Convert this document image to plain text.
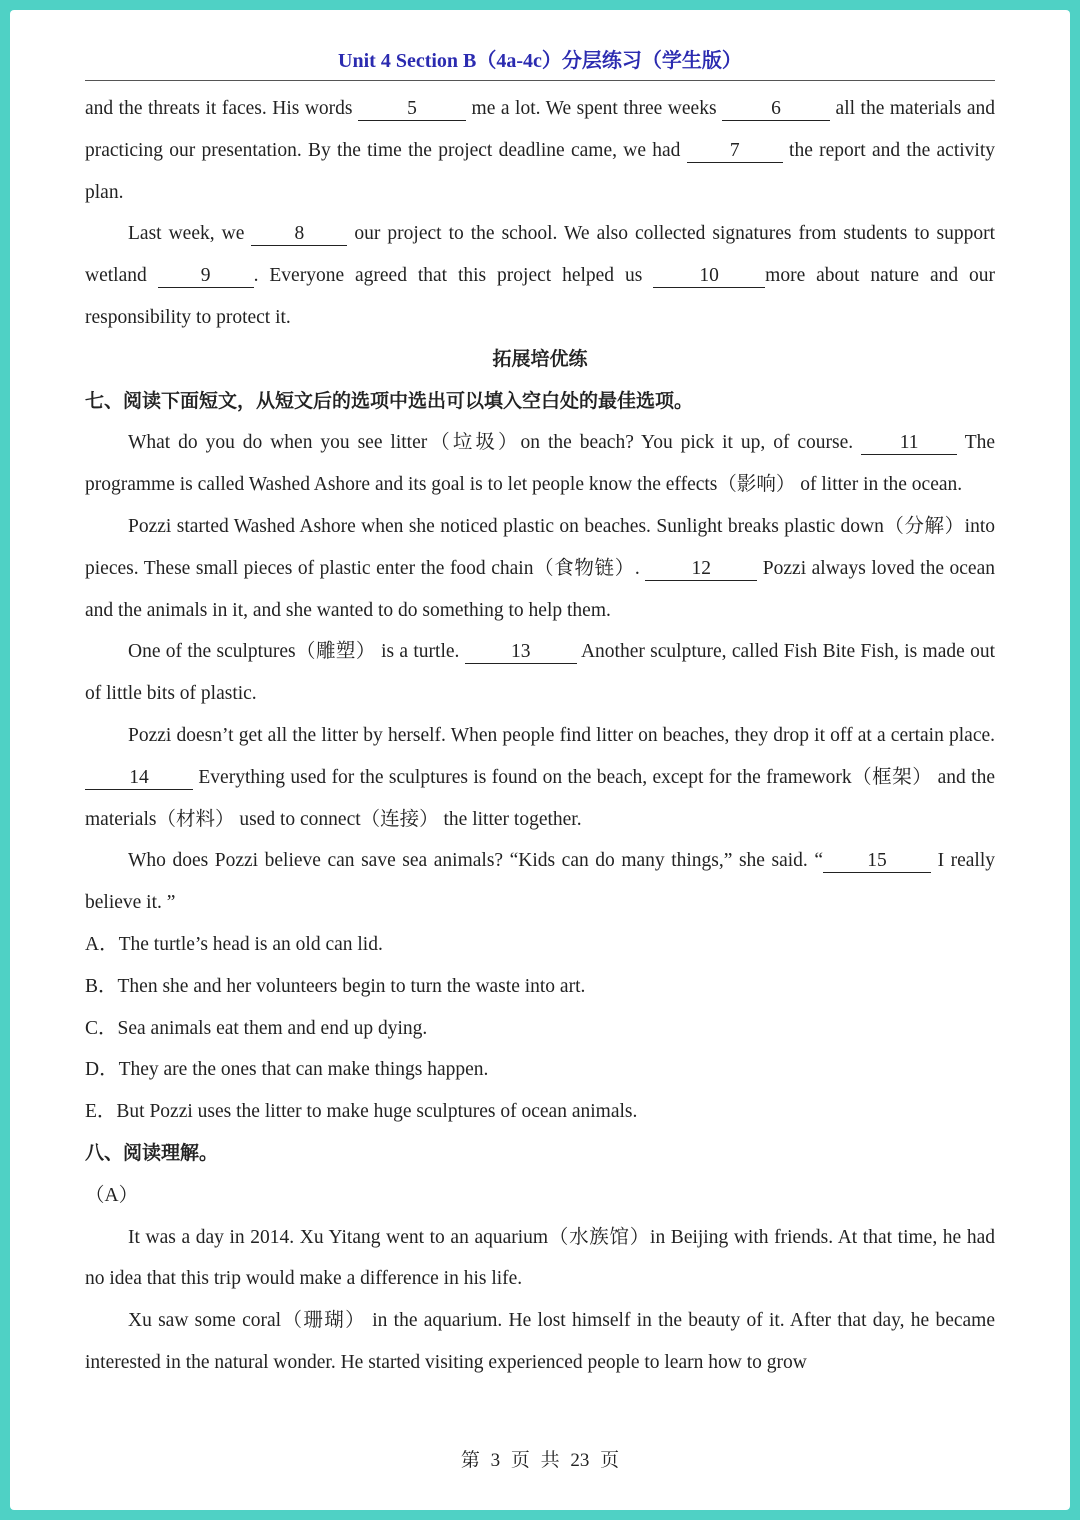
Unit 4 Section B（4a-4c）分层练习（学生版）

and the threats it faces. His words	5	me a lot. We spent three weeks	6	all the materials and practicing our presentation. By the time the project deadline came, we had 7 the report and the activity plan.

Last week, we 8 our project to the school. We also collected signatures from students to support wetland 9 . Everyone agreed that this project helped us 10 more about nature and our responsibility to protect it.

拓展培优练

七、阅读下面短文，从短文后的选项中选出可以填入空白处的最佳选项。

What do you do when you see litter（垃圾）on the beach? You pick it up, of course. 11 The programme is called Washed Ashore and its goal is to let people know the effects（影响） of litter in the ocean.

Pozzi started Washed Ashore when she noticed plastic on beaches. Sunlight breaks plastic down（分解）into pieces. These small pieces of plastic enter the food chain（食物链）. 12 Pozzi always loved the ocean and the animals in it, and she wanted to do something to help them.

One of the sculptures（雕塑） is a turtle. 13 Another sculpture, called Fish Bite Fish, is made out of little bits of plastic.

Pozzi doesn’t get all the litter by herself. When people find litter on beaches, they drop it off at a certain place. 14 Everything used for the sculptures is found on the beach, except for the framework（框架） and the materials（材料） used to connect（连接） the litter together.

Who does Pozzi believe can save sea animals? “Kids can do many things,” she said. “ 15 I really believe it. ”

A．The turtle’s head is an old can lid.

B．Then she and her volunteers begin to turn the waste into art.

C．Sea animals eat them and end up dying.

D．They are the ones that can make things happen.

E．But Pozzi uses the litter to make huge sculptures of ocean animals.

八、阅读理解。

（A）

It was a day in 2014. Xu Yitang went to an aquarium（水族馆）in Beijing with friends. At that time, he had no idea that this trip would make a difference in his life.

Xu saw some coral（珊瑚） in the aquarium. He lost himself in the beauty of it. After that day, he became interested in the natural wonder. He started visiting experienced people to learn how to grow

第 3 页 共 23 页
